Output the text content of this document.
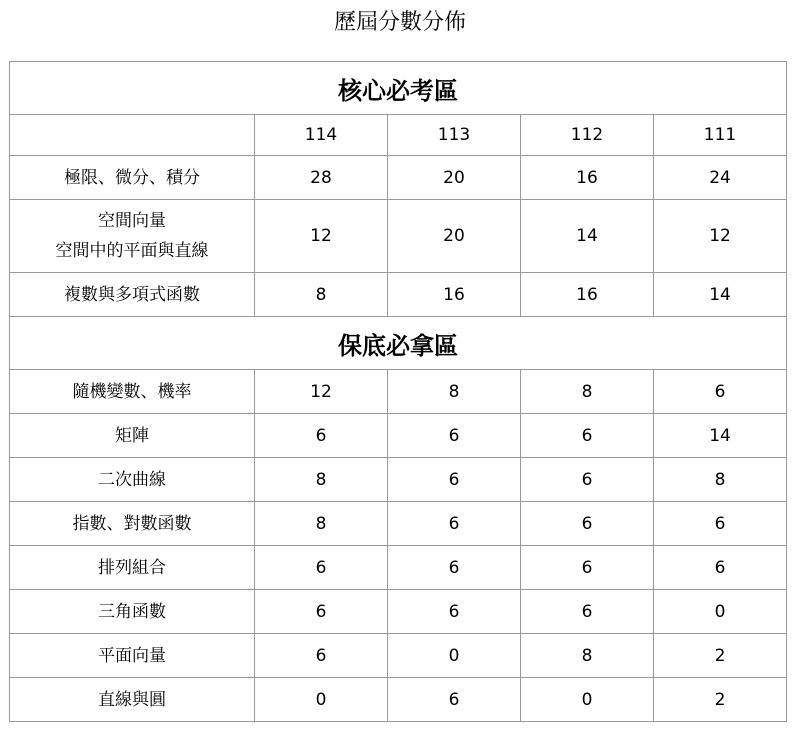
歷屆分數分佈
核心必考區				
	114	113	112	111

極限、微分、積分	28	20	16	24

空間向量
空間中的平面與直線	12	20	14	12

複數與多項式函數	8	16	16	14
保底必拿區				

隨機變數、機率	12	8	8	6

矩陣	6	6	6	14

二次曲線	8	6	6	8

指數、對數函數	8	6	6	6

排列組合	6	6	6	6

三角函數	6	6	6	0

平面向量	6	0	8	2

直線與圓	0	6	0	2
